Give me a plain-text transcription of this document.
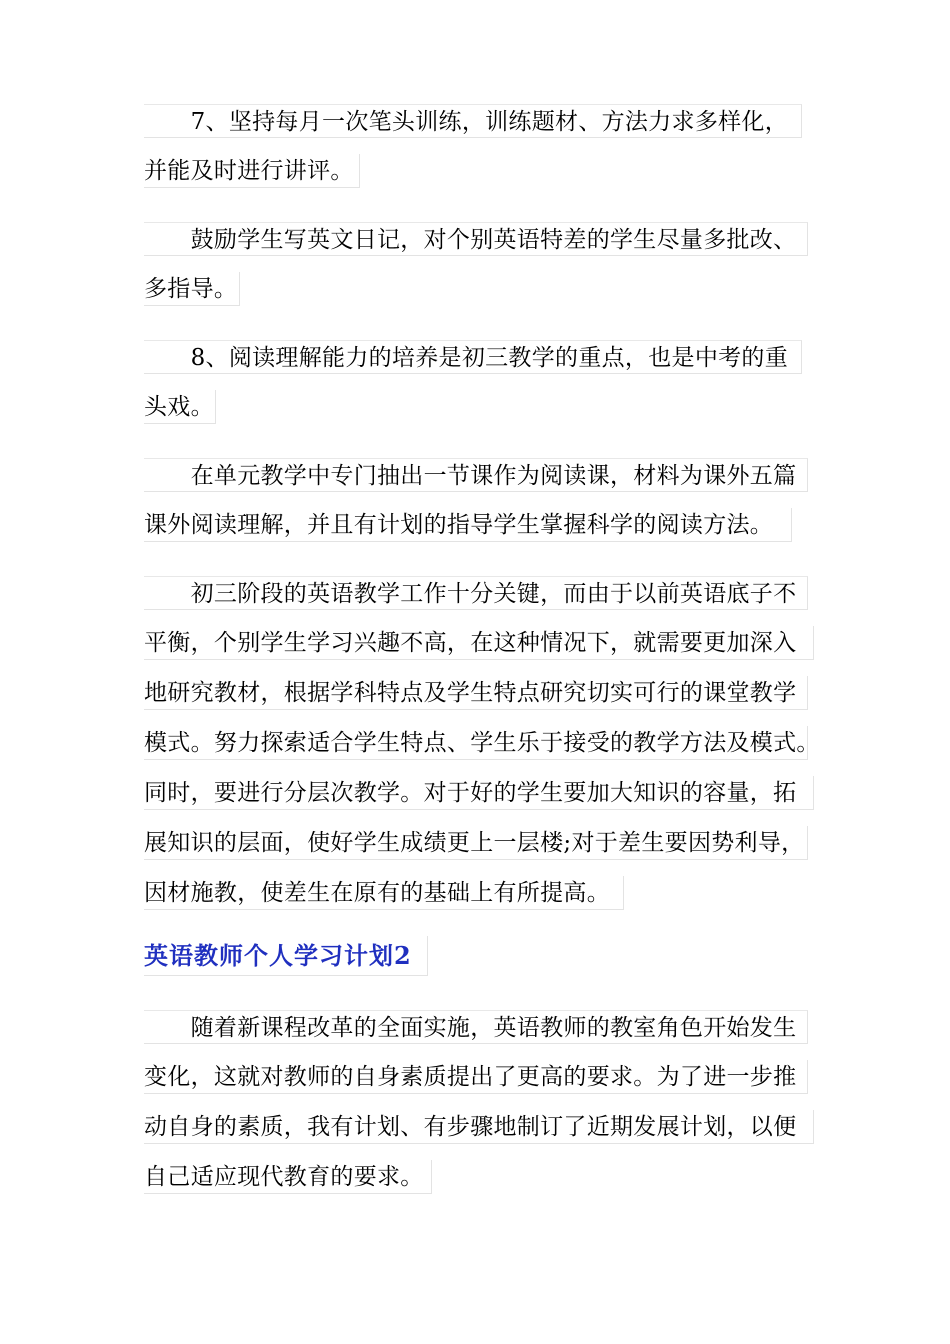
　　7、坚持每月一次笔头训练，训练题材、方法力求多样化，
并能及时进行讲评。
　　鼓励学生写英文日记，对个别英语特差的学生尽量多批改、
多指导。
　　8、阅读理解能力的培养是初三教学的重点，也是中考的重
头戏。
　　在单元教学中专门抽出一节课作为阅读课，材料为课外五篇
课外阅读理解，并且有计划的指导学生掌握科学的阅读方法。
　　初三阶段的英语教学工作十分关键，而由于以前英语底子不
平衡，个别学生学习兴趣不高，在这种情况下，就需要更加深入
地研究教材，根据学科特点及学生特点研究切实可行的课堂教学
模式。努力探索适合学生特点、学生乐于接受的教学方法及模式。
同时，要进行分层次教学。对于好的学生要加大知识的容量，拓
展知识的层面，使好学生成绩更上一层楼;对于差生要因势利导，
因材施教，使差生在原有的基础上有所提高。
英语教师个人学习计划2
　　随着新课程改革的全面实施，英语教师的教室角色开始发生
变化，这就对教师的自身素质提出了更高的要求。为了进一步推
动自身的素质，我有计划、有步骤地制订了近期发展计划，以便
自己适应现代教育的要求。
